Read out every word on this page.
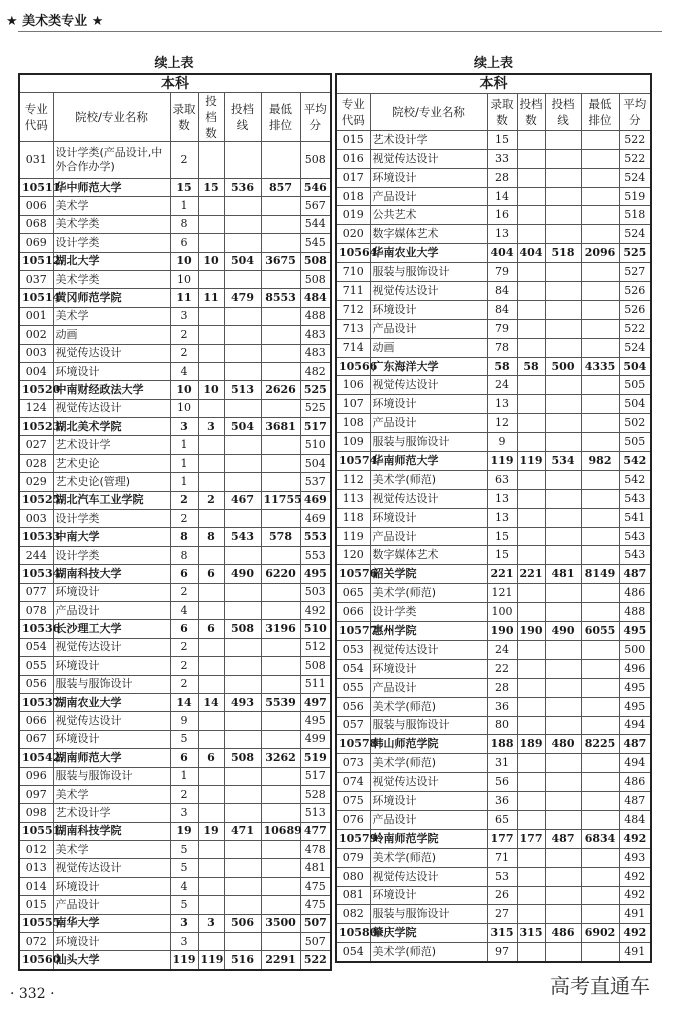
★ 美术类专业 ★
续上表	续上表
本科						
专业代码	院校/专业名称	录取数	投档数	投档线	最低排位	平均分
031	设计学类(产品设计,中外合作办学)	2				508
10511	华中师范大学	15	15	536	857	546
006	美术学	1				567
068	美术学类	8				544
069	设计学类	6				545
10512	湖北大学	10	10	504	3675	508
037	美术学类	10				508
10514	黄冈师范学院	11	11	479	8553	484
001	美术学	3				488
002	动画	2				483
003	视觉传达设计	2				483
004	环境设计	4				482
10520	中南财经政法大学	10	10	513	2626	525
124	视觉传达设计	10				525
10523	湖北美术学院	3	3	504	3681	517
027	艺术设计学	1				510
028	艺术史论	1				504
029	艺术史论(管理)	1				537
10525	湖北汽车工业学院	2	2	467	11755	469
003	设计学类	2				469
10533	中南大学	8	8	543	578	553
244	设计学类	8				553
10534	湖南科技大学	6	6	490	6220	495
077	环境设计	2				503
078	产品设计	4				492
10536	长沙理工大学	6	6	508	3196	510
054	视觉传达设计	2				512
055	环境设计	2				508
056	服装与服饰设计	2				511
10537	湖南农业大学	14	14	493	5539	497
066	视觉传达设计	9				495
067	环境设计	5				499
10542	湖南师范大学	6	6	508	3262	519
096	服装与服饰设计	1				517
097	美术学	2				528
098	艺术设计学	3				513
10551	湖南科技学院	19	19	471	10689	477
012	美术学	5				478
013	视觉传达设计	5				481
014	环境设计	4				475
015	产品设计	5				475
10555	南华大学	3	3	506	3500	507
072	环境设计	3				507
10560	汕头大学	119	119	516	2291	522
本科						
专业代码	院校/专业名称	录取数	投档数	投档线	最低排位	平均分
015	艺术设计学	15				522
016	视觉传达设计	33				522
017	环境设计	28				524
018	产品设计	14				519
019	公共艺术	16				518
020	数字媒体艺术	13				524
10564	华南农业大学	404	404	518	2096	525
710	服装与服饰设计	79				527
711	视觉传达设计	84				526
712	环境设计	84				526
713	产品设计	79				522
714	动画	78				524
10566	广东海洋大学	58	58	500	4335	504
106	视觉传达设计	24				505
107	环境设计	13				504
108	产品设计	12				502
109	服装与服饰设计	9				505
10574	华南师范大学	119	119	534	982	542
112	美术学(师范)	63				542
113	视觉传达设计	13				543
118	环境设计	13				541
119	产品设计	15				543
120	数字媒体艺术	15				543
10576	韶关学院	221	221	481	8149	487
065	美术学(师范)	121				486
066	设计学类	100				488
10577	惠州学院	190	190	490	6055	495
053	视觉传达设计	24				500
054	环境设计	22				496
055	产品设计	28				495
056	美术学(师范)	36				495
057	服装与服饰设计	80				494
10578	韩山师范学院	188	189	480	8225	487
073	美术学(师范)	31				494
074	视觉传达设计	56				486
075	环境设计	36				487
076	产品设计	65				484
10579	岭南师范学院	177	177	487	6834	492
079	美术学(师范)	71				493
080	视觉传达设计	53				492
081	环境设计	26				492
082	服装与服饰设计	27				491
10580	肇庆学院	315	315	486	6902	492
054	美术学(师范)	97				491
· 332 ·	高考直通车
